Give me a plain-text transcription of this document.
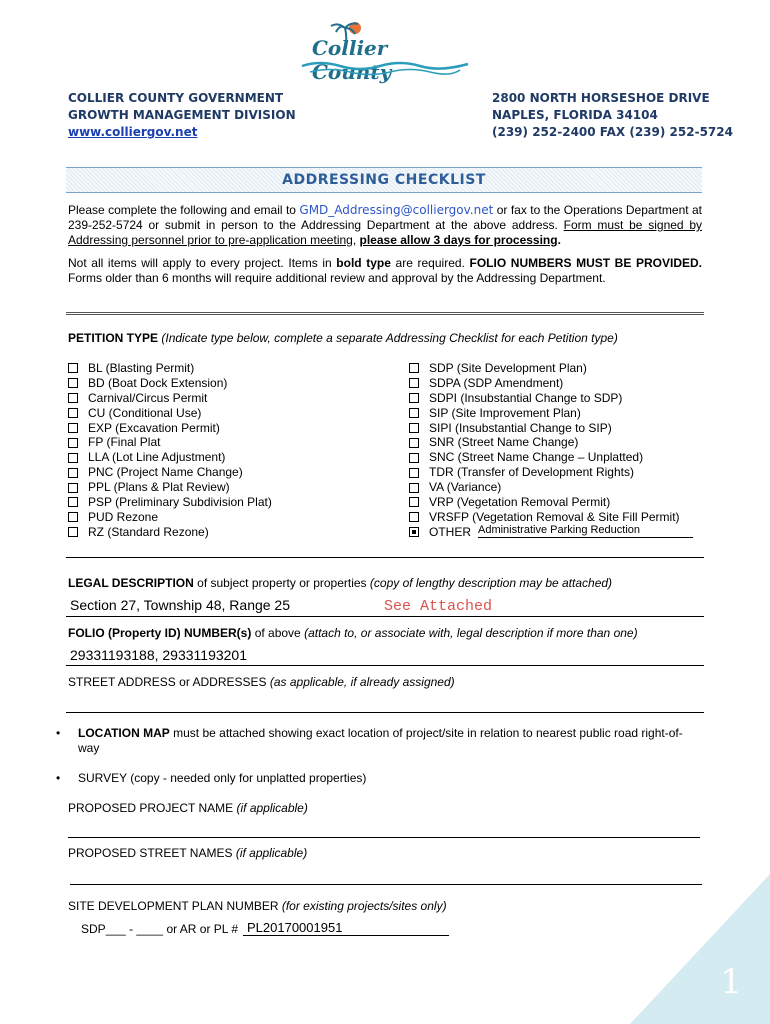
Collier County
COLLIER COUNTY GOVERNMENT
GROWTH MANAGEMENT DIVISION
www.colliergov.net
2800 NORTH HORSESHOE DRIVE
NAPLES, FLORIDA 34104
(239) 252-2400 FAX (239) 252-5724
ADDRESSING CHECKLIST
Please complete the following and email to GMD_Addressing@colliergov.net or fax to the Operations Department at 239-252-5724 or submit in person to the Addressing Department at the above address. Form must be signed by Addressing personnel prior to pre-application meeting, please allow 3 days for processing.
Not all items will apply to every project. Items in bold type are required. FOLIO NUMBERS MUST BE PROVIDED. Forms older than 6 months will require additional review and approval by the Addressing Department.
PETITION TYPE (Indicate type below, complete a separate Addressing Checklist for each Petition type)
BL (Blasting Permit)
BD (Boat Dock Extension)
Carnival/Circus Permit
CU (Conditional Use)
EXP (Excavation Permit)
FP (Final Plat
LLA (Lot Line Adjustment)
PNC (Project Name Change)
PPL (Plans & Plat Review)
PSP (Preliminary Subdivision Plat)
PUD Rezone
RZ (Standard Rezone)
SDP (Site Development Plan)
SDPA (SDP Amendment)
SDPI (Insubstantial Change to SDP)
SIP (Site Improvement Plan)
SIPI (Insubstantial Change to SIP)
SNR (Street Name Change)
SNC (Street Name Change – Unplatted)
TDR (Transfer of Development Rights)
VA (Variance)
VRP (Vegetation Removal Permit)
VRSFP (Vegetation Removal & Site Fill Permit)
OTHER Administrative Parking Reduction
LEGAL DESCRIPTION of subject property or properties (copy of lengthy description may be attached)
Section 27, Township 48, Range 25	See Attached
FOLIO (Property ID) NUMBER(s) of above (attach to, or associate with, legal description if more than one)
29331193188, 29331193201
STREET ADDRESS or ADDRESSES (as applicable, if already assigned)
• LOCATION MAP must be attached showing exact location of project/site in relation to nearest public road right-of-way
• SURVEY (copy - needed only for unplatted properties)
PROPOSED PROJECT NAME (if applicable)
PROPOSED STREET NAMES (if applicable)
SITE DEVELOPMENT PLAN NUMBER (for existing projects/sites only)
SDP___ - ____ or AR or PL # PL20170001951
1
